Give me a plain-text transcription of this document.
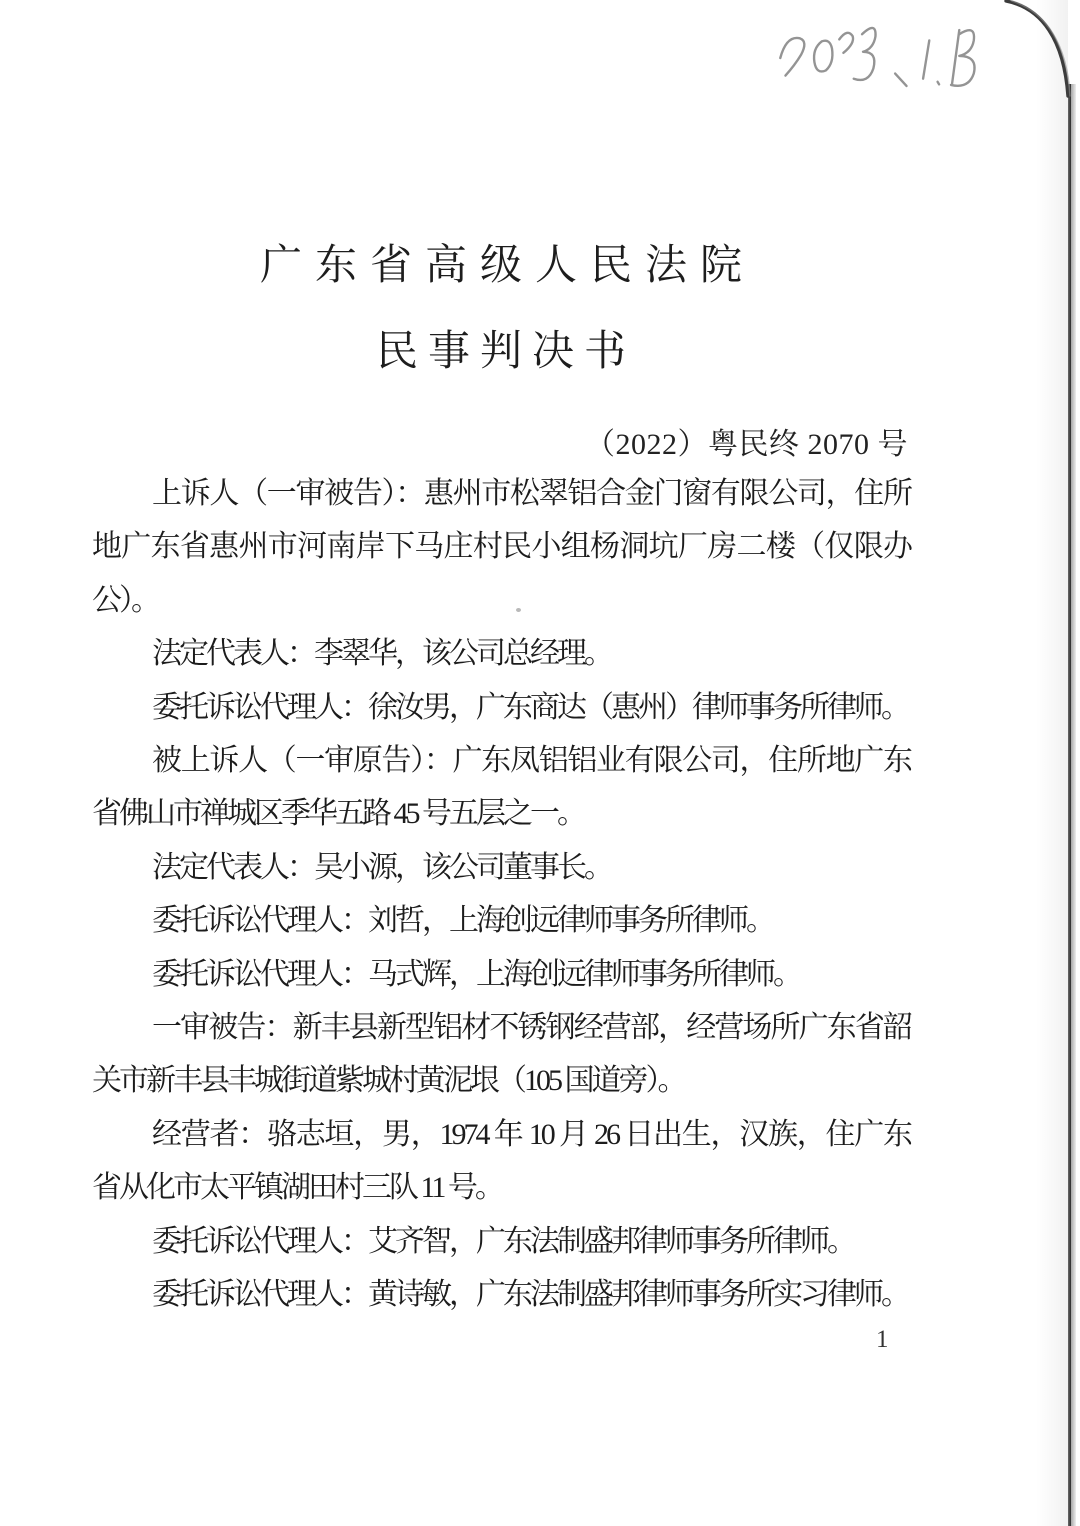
广东省高级人民法院
民事判决书
（2022）粤民终 2070 号
上诉人（一审被告）：惠州市松翠铝合金门窗有限公司，住所
地广东省惠州市河南岸下马庄村民小组杨洞坑厂房二楼（仅限办
公）。
法定代表人：李翠华，该公司总经理。
委托诉讼代理人：徐汝男，广东商达（惠州）律师事务所律师。
被上诉人（一审原告）：广东凤铝铝业有限公司，住所地广东
省佛山市禅城区季华五路 45 号五层之一。
法定代表人：吴小源，该公司董事长。
委托诉讼代理人：刘哲，上海创远律师事务所律师。
委托诉讼代理人：马式辉，上海创远律师事务所律师。
一审被告：新丰县新型铝材不锈钢经营部，经营场所广东省韶
关市新丰县丰城街道紫城村黄泥垠（105 国道旁）。
经营者：骆志垣，男，1974 年 10 月 26 日出生，汉族，住广东
省从化市太平镇湖田村三队 11 号。
委托诉讼代理人：艾齐智，广东法制盛邦律师事务所律师。
委托诉讼代理人：黄诗敏，广东法制盛邦律师事务所实习律师。
1
